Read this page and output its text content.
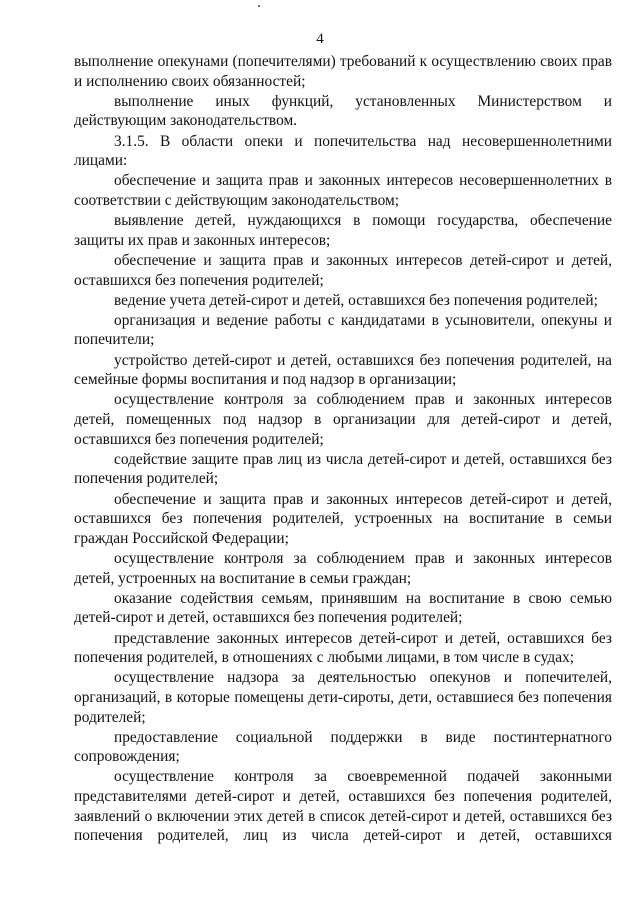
4

выполнение опекунами (попечителями) требований к осуществлению своих прав и исполнению своих обязанностей;

выполнение иных функций, установленных Министерством и действующим законодательством.

3.1.5. В области опеки и попечительства над несовершеннолетними лицами:

обеспечение и защита прав и законных интересов несовершеннолетних в соответствии с действующим законодательством;

выявление детей, нуждающихся в помощи государства, обеспечение защиты их прав и законных интересов;

обеспечение и защита прав и законных интересов детей-сирот и детей, оставшихся без попечения родителей;

ведение учета детей-сирот и детей, оставшихся без попечения родителей;

организация и ведение работы с кандидатами в усыновители, опекуны и попечители;

устройство детей-сирот и детей, оставшихся без попечения родителей, на семейные формы воспитания и под надзор в организации;

осуществление контроля за соблюдением прав и законных интересов детей, помещенных под надзор в организации для детей-сирот и детей, оставшихся без попечения родителей;

содействие защите прав лиц из числа детей-сирот и детей, оставшихся без попечения родителей;

обеспечение и защита прав и законных интересов детей-сирот и детей, оставшихся без попечения родителей, устроенных на воспитание в семьи граждан Российской Федерации;

осуществление контроля за соблюдением прав и законных интересов детей, устроенных на воспитание в семьи граждан;

оказание содействия семьям, принявшим на воспитание в свою семью детей-сирот и детей, оставшихся без попечения родителей;

представление законных интересов детей-сирот и детей, оставшихся без попечения родителей, в отношениях с любыми лицами, в том числе в судах;

осуществление надзора за деятельностью опекунов и попечителей, организаций, в которые помещены дети-сироты, дети, оставшиеся без попечения родителей;

предоставление социальной поддержки в виде постинтернатного сопровождения;

осуществление контроля за своевременной подачей законными представителями детей-сирот и детей, оставшихся без попечения родителей, заявлений о включении этих детей в список детей-сирот и детей, оставшихся без попечения родителей, лиц из числа детей-сирот и детей, оставшихся
